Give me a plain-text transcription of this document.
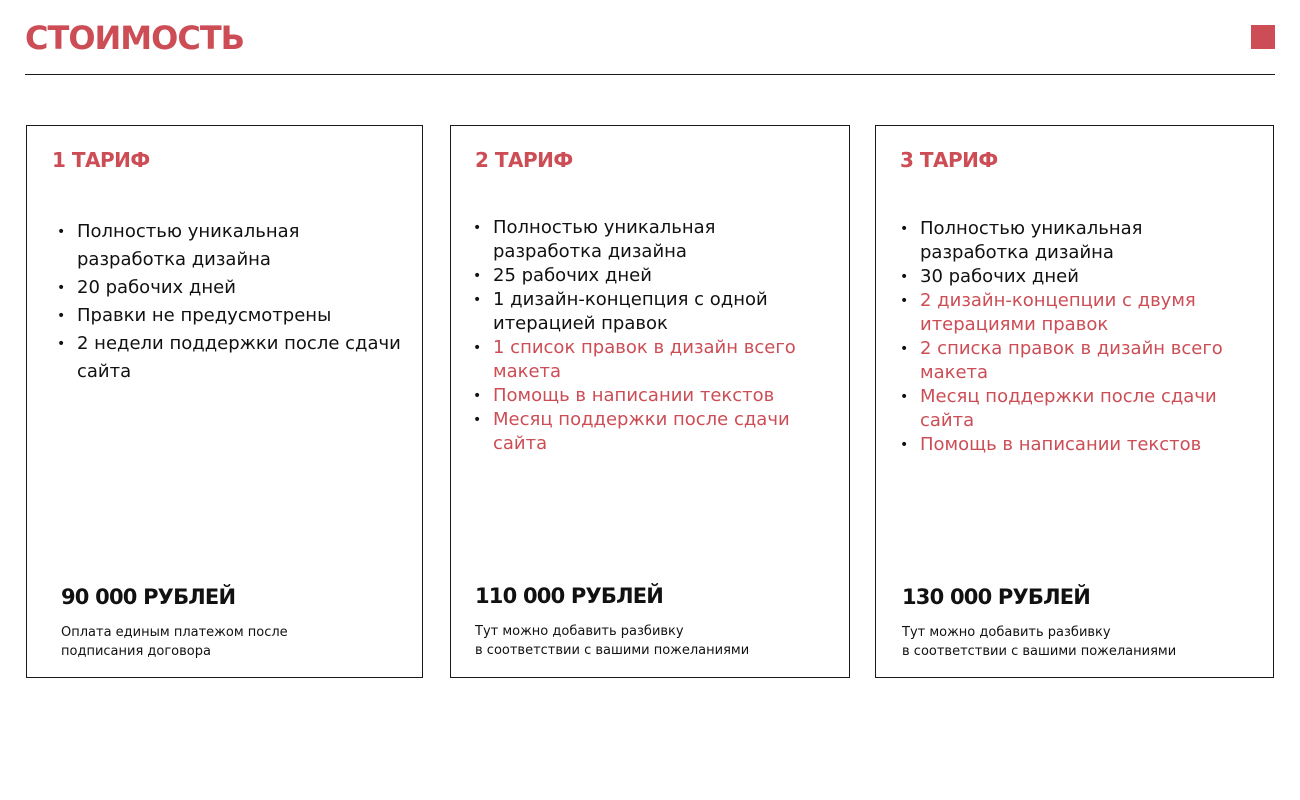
СТОИМОСТЬ
1 ТАРИФ
• Полностью уникальная разработка дизайна
• 20 рабочих дней
• Правки не предусмотрены
• 2 недели поддержки после сдачи сайта
90 000 РУБЛЕЙ
Оплата единым платежом после
подписания договора
2 ТАРИФ
• Полностью уникальная разработка дизайна
• 25 рабочих дней
• 1 дизайн-концепция с одной итерацией правок
• 1 список правок в дизайн всего макета
• Помощь в написании текстов
• Месяц поддержки после сдачи сайта
110 000 РУБЛЕЙ
Тут можно добавить разбивку
в соответствии с вашими пожеланиями
3 ТАРИФ
• Полностью уникальная разработка дизайна
• 30 рабочих дней
• 2 дизайн-концепции с двумя итерациями правок
• 2 списка правок в дизайн всего макета
• Месяц поддержки после сдачи сайта
• Помощь в написании текстов
130 000 РУБЛЕЙ
Тут можно добавить разбивку
в соответствии с вашими пожеланиями
